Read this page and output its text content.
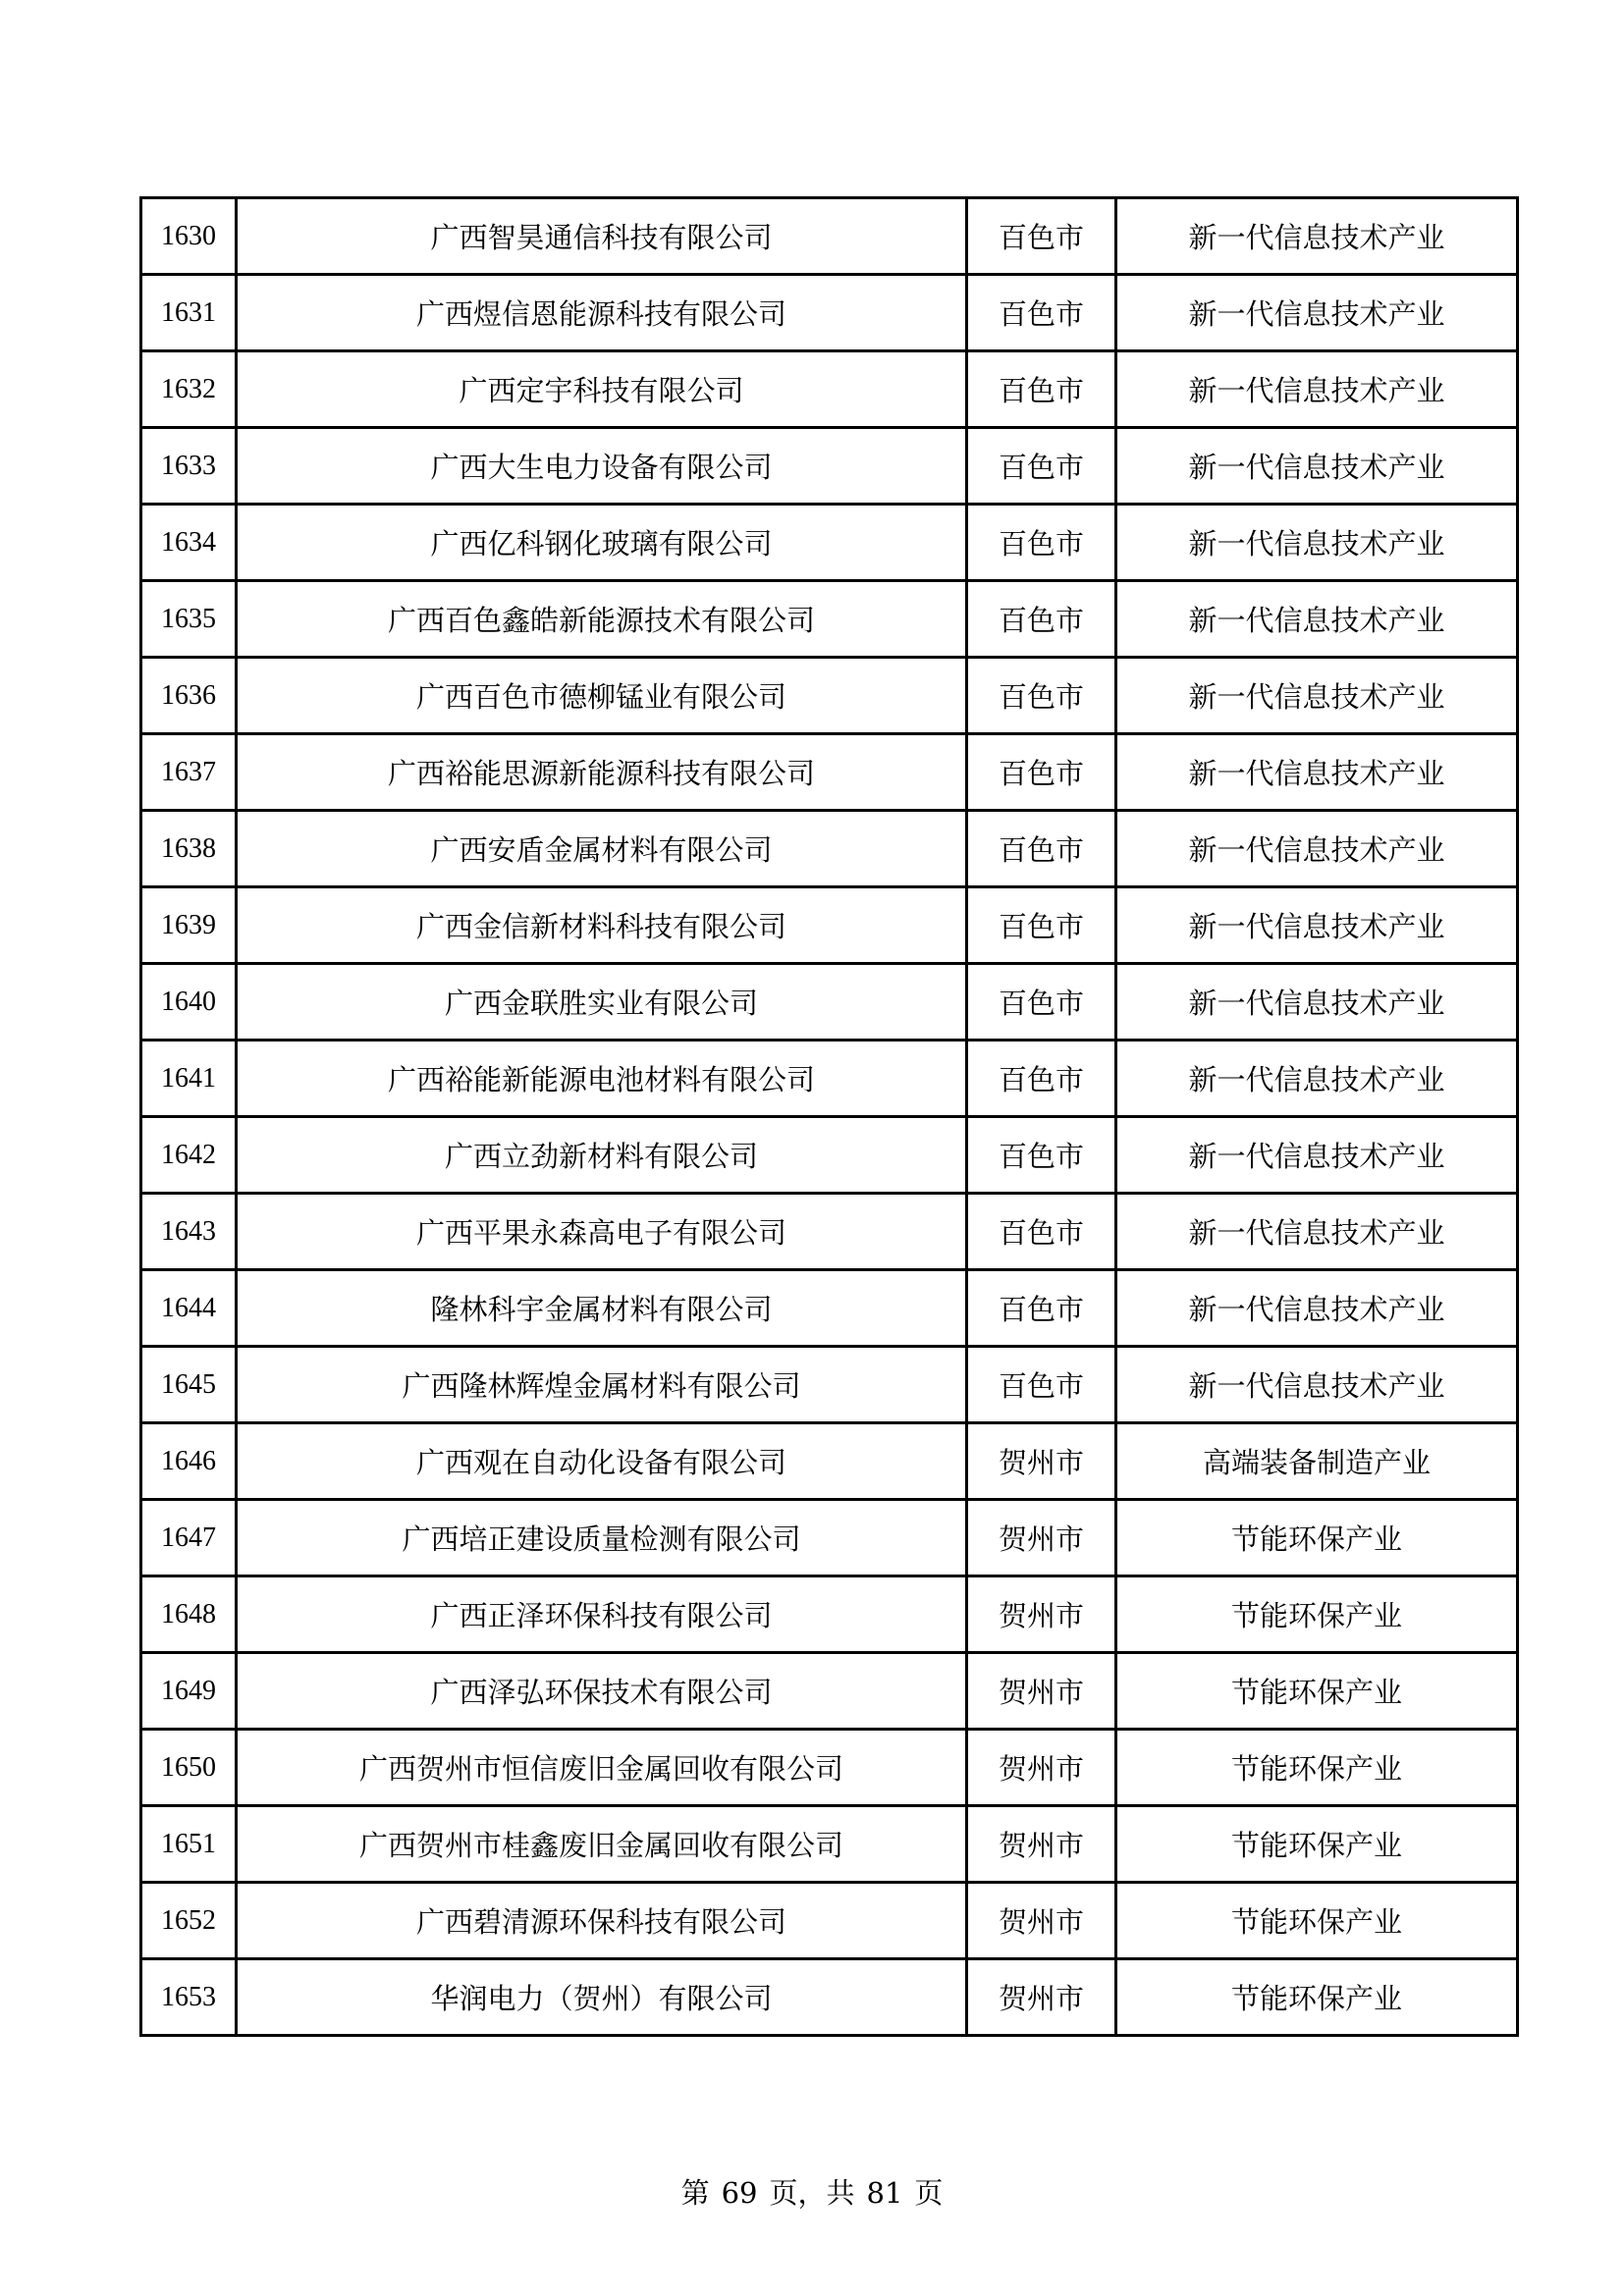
1630	广西智昊通信科技有限公司	百色市	新一代信息技术产业
1631	广西煜信恩能源科技有限公司	百色市	新一代信息技术产业
1632	广西定宇科技有限公司	百色市	新一代信息技术产业
1633	广西大生电力设备有限公司	百色市	新一代信息技术产业
1634	广西亿科钢化玻璃有限公司	百色市	新一代信息技术产业
1635	广西百色鑫皓新能源技术有限公司	百色市	新一代信息技术产业
1636	广西百色市德柳锰业有限公司	百色市	新一代信息技术产业
1637	广西裕能思源新能源科技有限公司	百色市	新一代信息技术产业
1638	广西安盾金属材料有限公司	百色市	新一代信息技术产业
1639	广西金信新材料科技有限公司	百色市	新一代信息技术产业
1640	广西金联胜实业有限公司	百色市	新一代信息技术产业
1641	广西裕能新能源电池材料有限公司	百色市	新一代信息技术产业
1642	广西立劲新材料有限公司	百色市	新一代信息技术产业
1643	广西平果永森高电子有限公司	百色市	新一代信息技术产业
1644	隆林科宇金属材料有限公司	百色市	新一代信息技术产业
1645	广西隆林辉煌金属材料有限公司	百色市	新一代信息技术产业
1646	广西观在自动化设备有限公司	贺州市	高端装备制造产业
1647	广西培正建设质量检测有限公司	贺州市	节能环保产业
1648	广西正泽环保科技有限公司	贺州市	节能环保产业
1649	广西泽弘环保技术有限公司	贺州市	节能环保产业
1650	广西贺州市恒信废旧金属回收有限公司	贺州市	节能环保产业
1651	广西贺州市桂鑫废旧金属回收有限公司	贺州市	节能环保产业
1652	广西碧清源环保科技有限公司	贺州市	节能环保产业
1653	华润电力（贺州）有限公司	贺州市	节能环保产业
第 69 页，共 81 页
